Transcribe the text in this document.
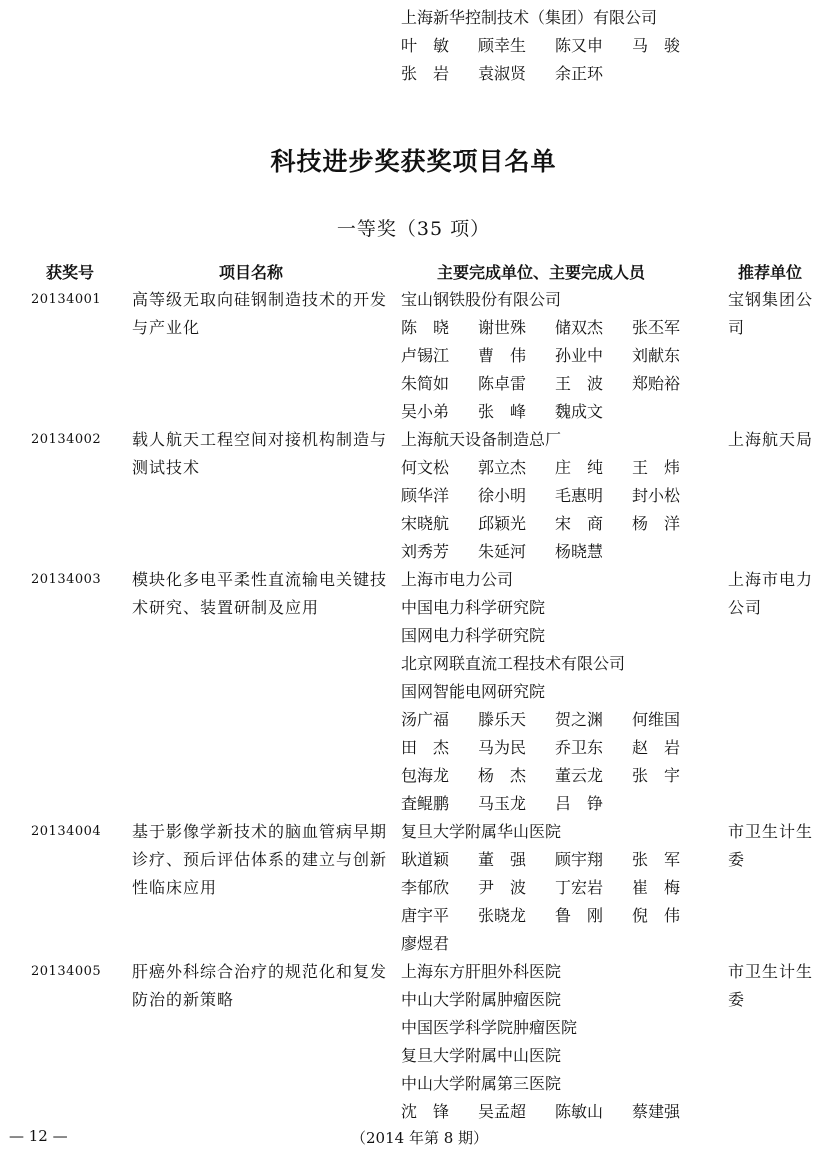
上海新华控制技术（集团）有限公司
叶　敏	顾幸生	陈又申	马　骏
张　岩	袁淑贤	余正环
科技进步奖获奖项目名单
一等奖（35 项）
获奖号	项目名称	主要完成单位、主要完成人员	推荐单位
20134001 高等级无取向硅钢制造技术的开发与产业化
宝山钢铁股份有限公司
陈　晓	谢世殊	储双杰	张丕军
卢锡江	曹　伟	孙业中	刘献东
朱简如	陈卓雷	王　波	郑贻裕
吴小弟	张　峰	魏成文
宝钢集团公司
20134002 载人航天工程空间对接机构制造与测试技术
上海航天设备制造总厂
何文松	郭立杰	庄　纯	王　炜
顾华洋	徐小明	毛惠明	封小松
宋晓航	邱颖光	宋　商	杨　洋
刘秀芳	朱延河	杨晓慧
上海航天局
20134003 模块化多电平柔性直流输电关键技术研究、装置研制及应用
上海市电力公司
中国电力科学研究院
国网电力科学研究院
北京网联直流工程技术有限公司
国网智能电网研究院
汤广福	滕乐天	贺之渊	何维国
田　杰	马为民	乔卫东	赵　岩
包海龙	杨　杰	董云龙	张　宇
査鲲鹏	马玉龙	吕　铮
上海市电力公司
20134004 基于影像学新技术的脑血管病早期诊疗、预后评估体系的建立与创新性临床应用
复旦大学附属华山医院
耿道颖	董　强	顾宇翔	张　军
李郁欣	尹　波	丁宏岩	崔　梅
唐宇平	张晓龙	鲁　刚	倪　伟
廖煜君
市卫生计生委
20134005 肝癌外科综合治疗的规范化和复发防治的新策略
上海东方肝胆外科医院
中山大学附属肿瘤医院
中国医学科学院肿瘤医院
复旦大学附属中山医院
中山大学附属第三医院
沈　锋	吴孟超	陈敏山	蔡建强
市卫生计生委
— 12 —	（2014 年第 8 期）
